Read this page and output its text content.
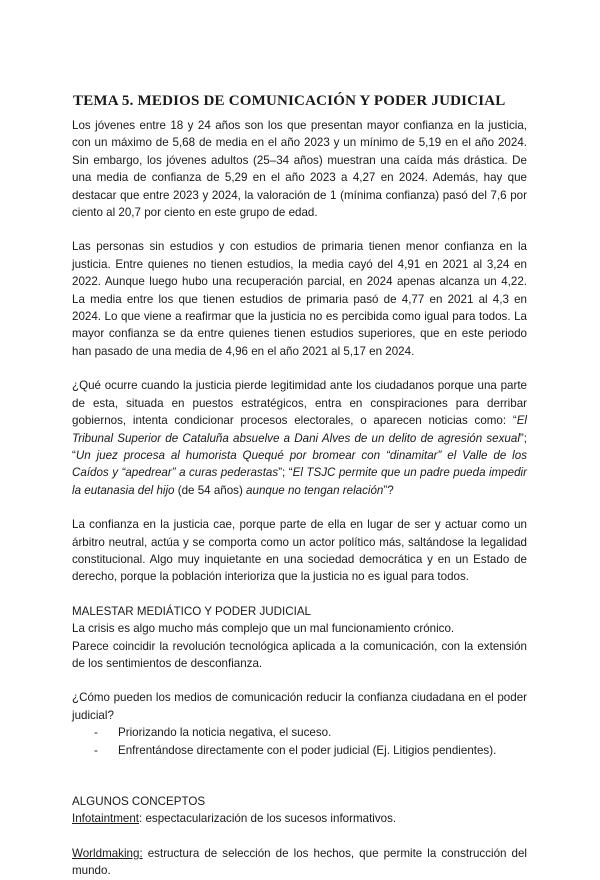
TEMA 5. MEDIOS DE COMUNICACIÓN Y PODER JUDICIAL

Los jóvenes entre 18 y 24 años son los que presentan mayor confianza en la justicia, con un máximo de 5,68 de media en el año 2023 y un mínimo de 5,19 en el año 2024. Sin embargo, los jóvenes adultos (25–34 años) muestran una caída más drástica. De una media de confianza de 5,29 en el año 2023 a 4,27 en 2024. Además, hay que destacar que entre 2023 y 2024, la valoración de 1 (mínima confianza) pasó del 7,6 por ciento al 20,7 por ciento en este grupo de edad.

Las personas sin estudios y con estudios de primaria tienen menor confianza en la justicia. Entre quienes no tienen estudios, la media cayó del 4,91 en 2021 al 3,24 en 2022. Aunque luego hubo una recuperación parcial, en 2024 apenas alcanza un 4,22. La media entre los que tienen estudios de primaria pasó de 4,77 en 2021 al 4,3 en 2024. Lo que viene a reafirmar que la justicia no es percibida como igual para todos. La mayor confianza se da entre quienes tienen estudios superiores, que en este periodo han pasado de una media de 4,96 en el año 2021 al 5,17 en 2024.

¿Qué ocurre cuando la justicia pierde legitimidad ante los ciudadanos porque una parte de esta, situada en puestos estratégicos, entra en conspiraciones para derribar gobiernos, intenta condicionar procesos electorales, o aparecen noticias como: “El Tribunal Superior de Cataluña absuelve a Dani Alves de un delito de agresión sexual”; “Un juez procesa al humorista Quequé por bromear con “dinamitar” el Valle de los Caídos y “apedrear” a curas pederastas”; “El TSJC permite que un padre pueda impedir la eutanasia del hijo (de 54 años) aunque no tengan relación”?

La confianza en la justicia cae, porque parte de ella en lugar de ser y actuar como un árbitro neutral, actúa y se comporta como un actor político más, saltándose la legalidad constitucional. Algo muy inquietante en una sociedad democrática y en un Estado de derecho, porque la población interioriza que la justicia no es igual para todos.

MALESTAR MEDIÁTICO Y PODER JUDICIAL

La crisis es algo mucho más complejo que un mal funcionamiento crónico.

Parece coincidir la revolución tecnológica aplicada a la comunicación, con la extensión de los sentimientos de desconfianza.

¿Cómo pueden los medios de comunicación reducir la confianza ciudadana en el poder judicial?

- Priorizando la noticia negativa, el suceso.
- Enfrentándose directamente con el poder judicial (Ej. Litigios pendientes).

ALGUNOS CONCEPTOS

Infotaintment: espectacularización de los sucesos informativos.

Worldmaking: estructura de selección de los hechos, que permite la construcción del mundo.
